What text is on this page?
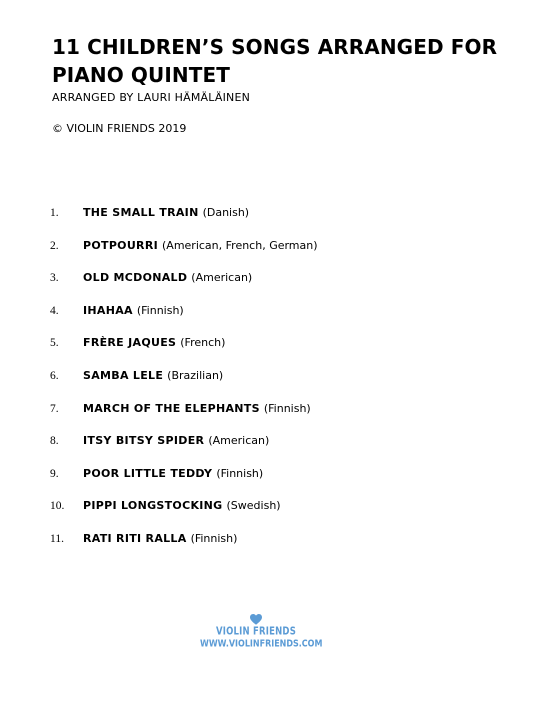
11 CHILDREN’S SONGS ARRANGED FOR PIANO QUINTET
ARRANGED BY LAURI HÄMÄLÄINEN
© VIOLIN FRIENDS 2019
1.	THE SMALL TRAIN (Danish)
2.	POTPOURRI (American, French, German)
3.	OLD MCDONALD (American)
4.	IHAHAA (Finnish)
5.	FRÈRE JAQUES (French)
6.	SAMBA LELE (Brazilian)
7.	MARCH OF THE ELEPHANTS (Finnish)
8.	ITSY BITSY SPIDER (American)
9.	POOR LITTLE TEDDY (Finnish)
10.	PIPPI LONGSTOCKING (Swedish)
11.	RATI RITI RALLA (Finnish)
VIOLIN FRIENDS
WWW.VIOLINFRIENDS.COM
